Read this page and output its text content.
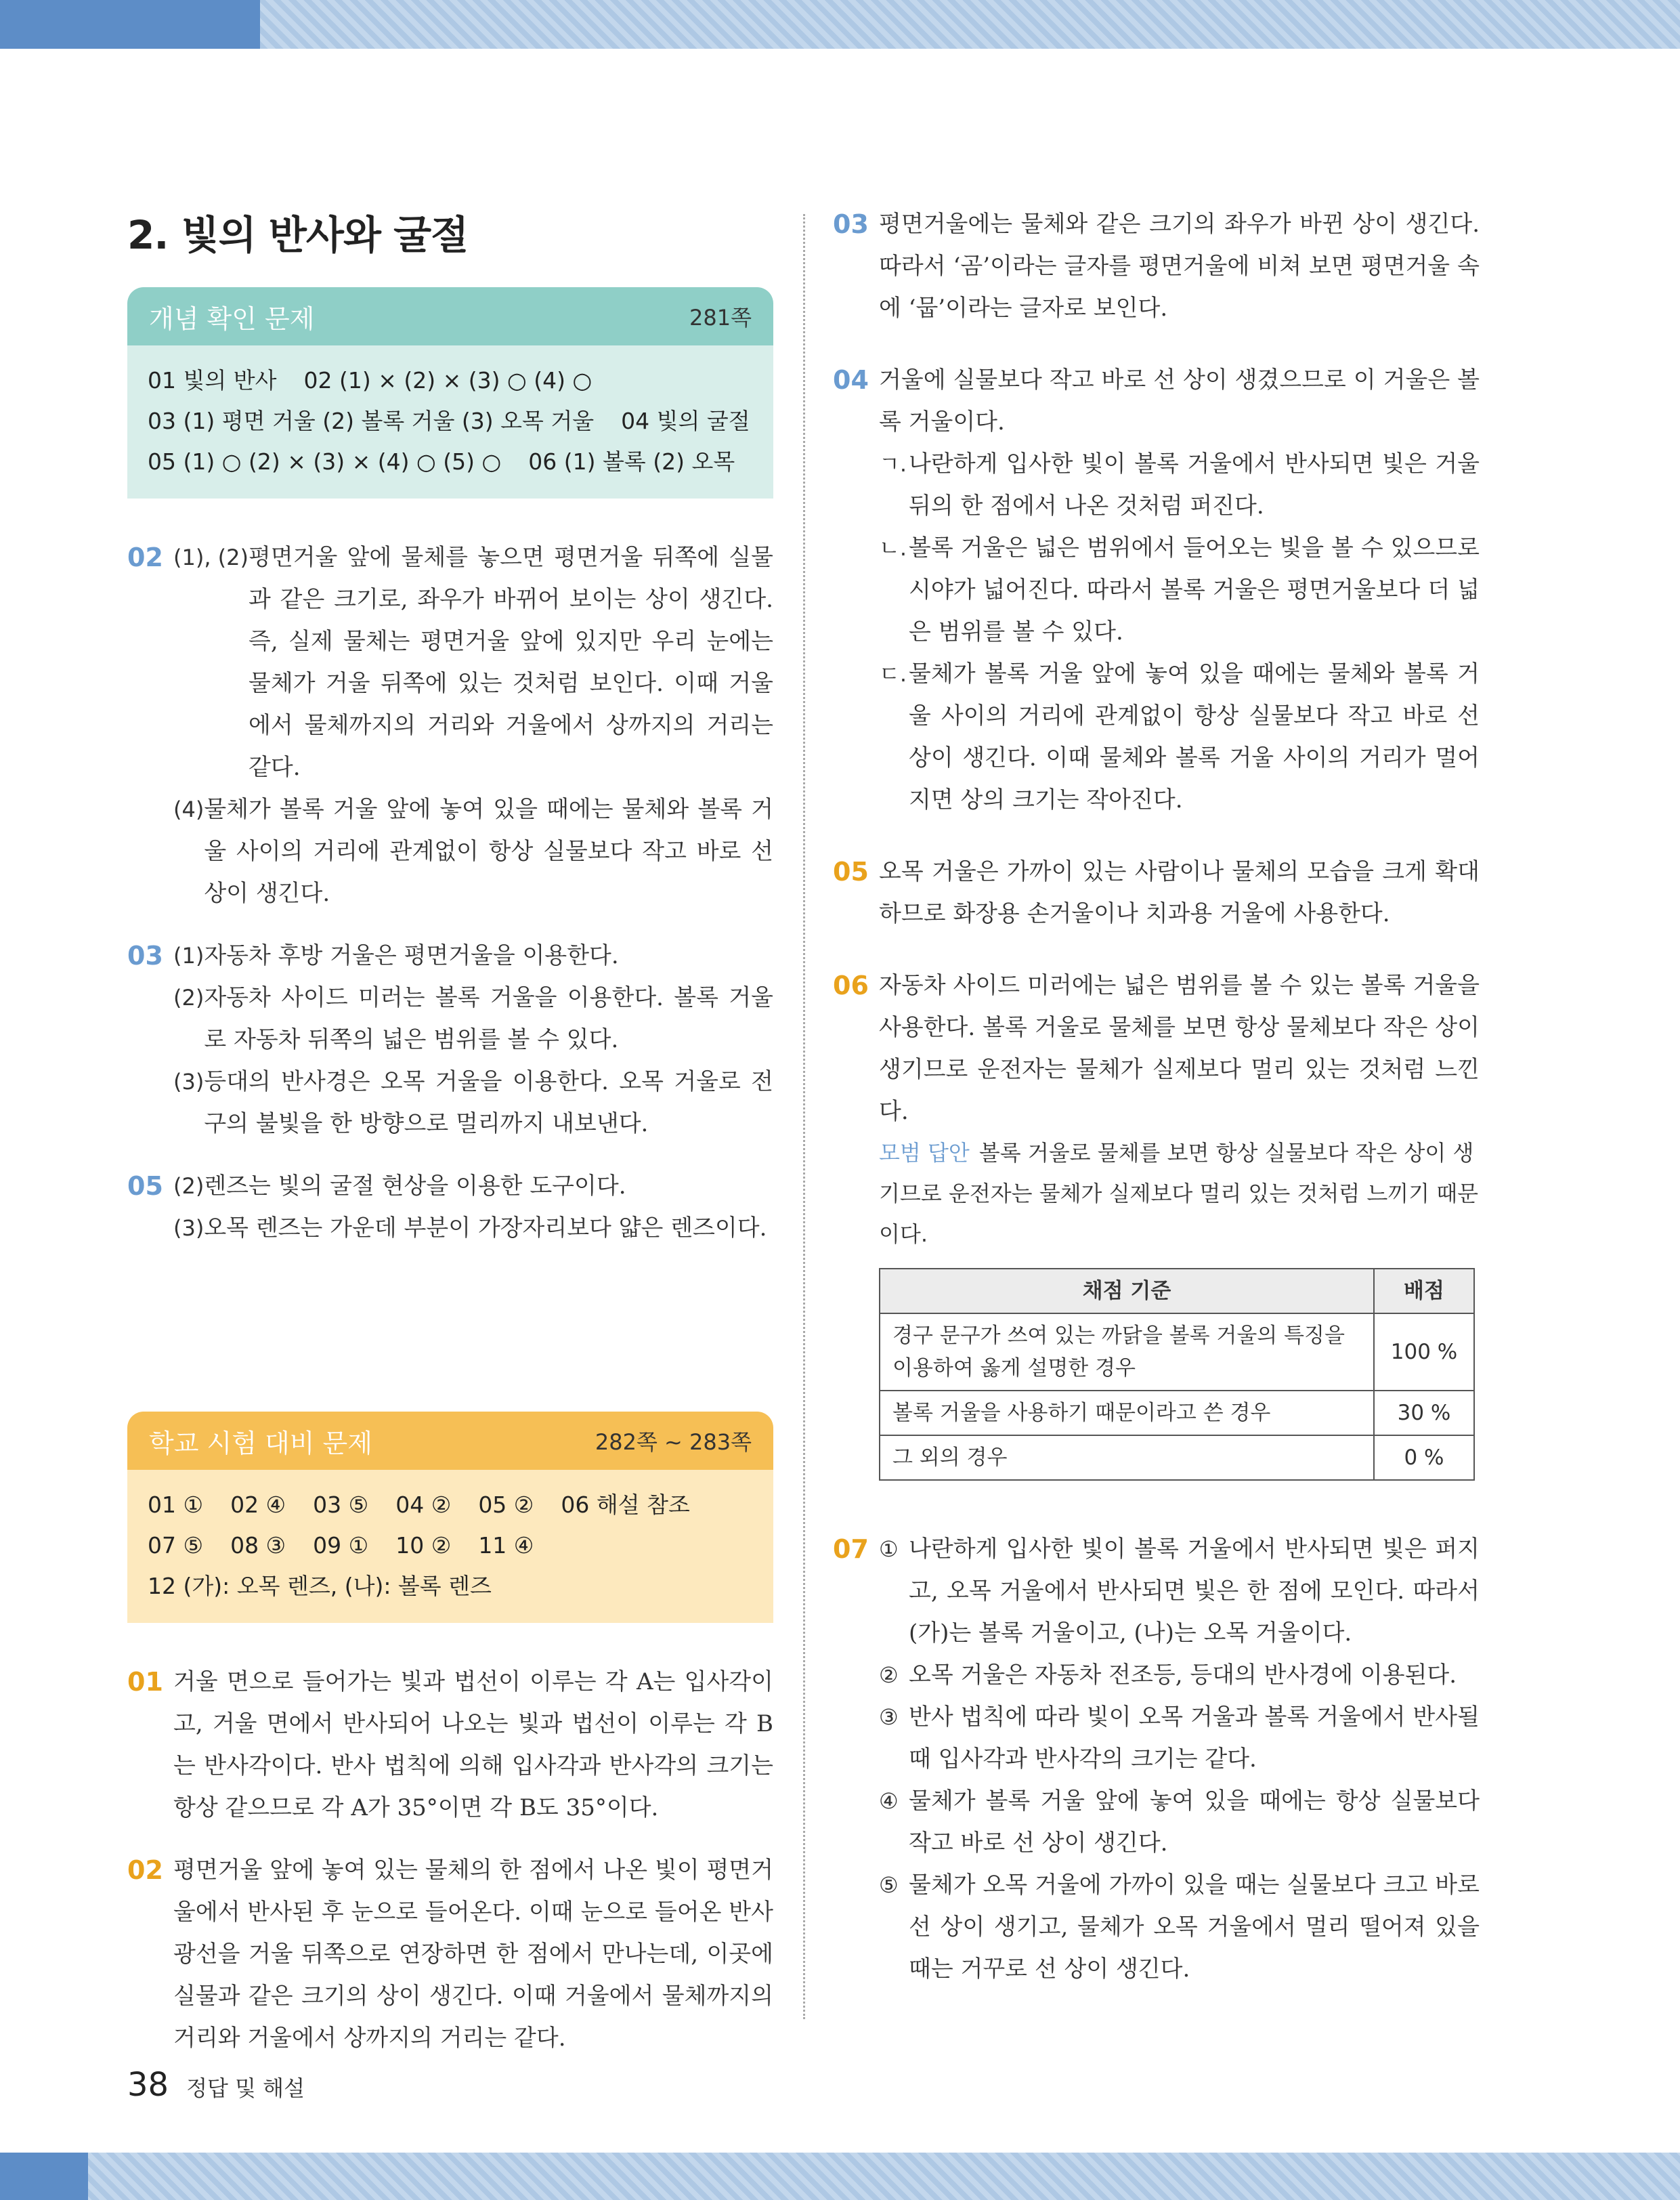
2. 빛의 반사와 굴절
개념 확인 문제	281쪽
01 빛의 반사 02 (1) × (2) × (3) ○ (4) ○
03 (1) 평면 거울 (2) 볼록 거울 (3) 오목 거울 04 빛의 굴절
05 (1) ○ (2) × (3) × (4) ○ (5) ○ 06 (1) 볼록 (2) 오목
02 (1), (2) 평면거울 앞에 물체를 놓으면 평면거울 뒤쪽에 실물과 같은 크기로, 좌우가 바뀌어 보이는 상이 생긴다. 즉, 실제 물체는 평면거울 앞에 있지만 우리 눈에는 물체가 거울 뒤쪽에 있는 것처럼 보인다. 이때 거울에서 물체까지의 거리와 거울에서 상까지의 거리는 같다.
(4) 물체가 볼록 거울 앞에 놓여 있을 때에는 물체와 볼록 거울 사이의 거리에 관계없이 항상 실물보다 작고 바로 선 상이 생긴다.
03 (1) 자동차 후방 거울은 평면거울을 이용한다.
(2) 자동차 사이드 미러는 볼록 거울을 이용한다. 볼록 거울로 자동차 뒤쪽의 넓은 범위를 볼 수 있다.
(3) 등대의 반사경은 오목 거울을 이용한다. 오목 거울로 전구의 불빛을 한 방향으로 멀리까지 내보낸다.
05 (2) 렌즈는 빛의 굴절 현상을 이용한 도구이다.
(3) 오목 렌즈는 가운데 부분이 가장자리보다 얇은 렌즈이다.
학교 시험 대비 문제	282쪽 ~ 283쪽
01 ① 02 ④ 03 ⑤ 04 ② 05 ② 06 해설 참조
07 ⑤ 08 ③ 09 ① 10 ② 11 ④
12 (가): 오목 렌즈, (나): 볼록 렌즈
01 거울 면으로 들어가는 빛과 법선이 이루는 각 A는 입사각이고, 거울 면에서 반사되어 나오는 빛과 법선이 이루는 각 B는 반사각이다. 반사 법칙에 의해 입사각과 반사각의 크기는 항상 같으므로 각 A가 35°이면 각 B도 35°이다.

02 평면거울 앞에 놓여 있는 물체의 한 점에서 나온 빛이 평면거울에서 반사된 후 눈으로 들어온다. 이때 눈으로 들어온 반사 광선을 거울 뒤쪽으로 연장하면 한 점에서 만나는데, 이곳에 실물과 같은 크기의 상이 생긴다. 이때 거울에서 물체까지의 거리와 거울에서 상까지의 거리는 같다.

03 평면거울에는 물체와 같은 크기의 좌우가 바뀐 상이 생긴다. 따라서 ‘곰’이라는 글자를 평면거울에 비쳐 보면 평면거울 속에 ‘뭅’이라는 글자로 보인다.

04 거울에 실물보다 작고 바로 선 상이 생겼으므로 이 거울은 볼록 거울이다.

ㄱ. 나란하게 입사한 빛이 볼록 거울에서 반사되면 빛은 거울 뒤의 한 점에서 나온 것처럼 퍼진다.
ㄴ. 볼록 거울은 넓은 범위에서 들어오는 빛을 볼 수 있으므로 시야가 넓어진다. 따라서 볼록 거울은 평면거울보다 더 넓은 범위를 볼 수 있다.
ㄷ. 물체가 볼록 거울 앞에 놓여 있을 때에는 물체와 볼록 거울 사이의 거리에 관계없이 항상 실물보다 작고 바로 선 상이 생긴다. 이때 물체와 볼록 거울 사이의 거리가 멀어지면 상의 크기는 작아진다.
05 오목 거울은 가까이 있는 사람이나 물체의 모습을 크게 확대하므로 화장용 손거울이나 치과용 거울에 사용한다.

06 자동차 사이드 미러에는 넓은 범위를 볼 수 있는 볼록 거울을 사용한다. 볼록 거울로 물체를 보면 항상 물체보다 작은 상이 생기므로 운전자는 물체가 실제보다 멀리 있는 것처럼 느낀다.

모범 답안 볼록 거울로 물체를 보면 항상 실물보다 작은 상이 생기므로 운전자는 물체가 실제보다 멀리 있는 것처럼 느끼기 때문이다.
채점 기준	배점
경구 문구가 쓰여 있는 까닭을 볼록 거울의 특징을 이용하여 옳게 설명한 경우	100 %
볼록 거울을 사용하기 때문이라고 쓴 경우	30 %
그 외의 경우	0 %
07 ① 나란하게 입사한 빛이 볼록 거울에서 반사되면 빛은 퍼지고, 오목 거울에서 반사되면 빛은 한 점에 모인다. 따라서 (가)는 볼록 거울이고, (나)는 오목 거울이다.
② 오목 거울은 자동차 전조등, 등대의 반사경에 이용된다.
③ 반사 법칙에 따라 빛이 오목 거울과 볼록 거울에서 반사될 때 입사각과 반사각의 크기는 같다.
④ 물체가 볼록 거울 앞에 놓여 있을 때에는 항상 실물보다 작고 바로 선 상이 생긴다.
⑤ 물체가 오목 거울에 가까이 있을 때는 실물보다 크고 바로 선 상이 생기고, 물체가 오목 거울에서 멀리 떨어져 있을 때는 거꾸로 선 상이 생긴다.
38 정답 및 해설
